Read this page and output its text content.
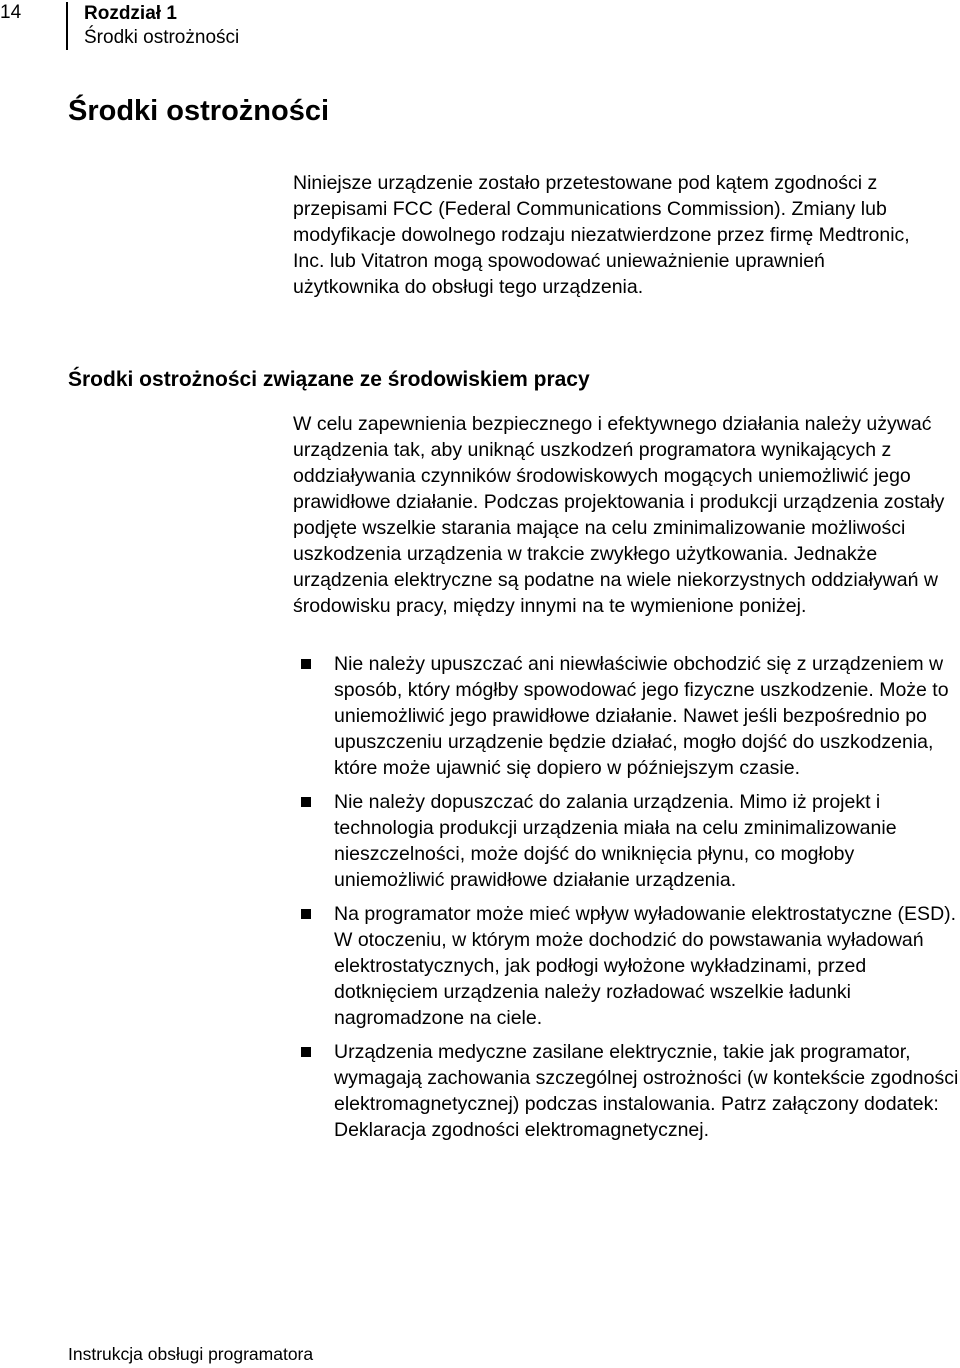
14	Rozdział 1
Środki ostrożności
Środki ostrożności

Niniejsze urządzenie zostało przetestowane pod kątem zgodności z przepisami FCC (Federal Communications Commission). Zmiany lub modyfikacje dowolnego rodzaju niezatwierdzone przez firmę Medtronic, Inc. lub Vitatron mogą spowodować unieważnienie uprawnień użytkownika do obsługi tego urządzenia.

Środki ostrożności związane ze środowiskiem pracy

W celu zapewnienia bezpiecznego i efektywnego działania należy używać urządzenia tak, aby uniknąć uszkodzeń programatora wynikających z oddziaływania czynników środowiskowych mogących uniemożliwić jego prawidłowe działanie. Podczas projektowania i produkcji urządzenia zostały podjęte wszelkie starania mające na celu zminimalizowanie możliwości uszkodzenia urządzenia w trakcie zwykłego użytkowania. Jednakże urządzenia elektryczne są podatne na wiele niekorzystnych oddziaływań w środowisku pracy, między innymi na te wymienione poniżej.

Nie należy upuszczać ani niewłaściwie obchodzić się z urządzeniem w sposób, który mógłby spowodować jego fizyczne uszkodzenie. Może to uniemożliwić jego prawidłowe działanie. Nawet jeśli bezpośrednio po upuszczeniu urządzenie będzie działać, mogło dojść do uszkodzenia, które może ujawnić się dopiero w późniejszym czasie.
Nie należy dopuszczać do zalania urządzenia. Mimo iż projekt i technologia produkcji urządzenia miała na celu zminimalizowanie nieszczelności, może dojść do wniknięcia płynu, co mogłoby uniemożliwić prawidłowe działanie urządzenia.
Na programator może mieć wpływ wyładowanie elektrostatyczne (ESD). W otoczeniu, w którym może dochodzić do powstawania wyładowań elektrostatycznych, jak podłogi wyłożone wykładzinami, przed dotknięciem urządzenia należy rozładować wszelkie ładunki nagromadzone na ciele.
Urządzenia medyczne zasilane elektrycznie, takie jak programator, wymagają zachowania szczególnej ostrożności (w kontekście zgodności elektromagnetycznej) podczas instalowania. Patrz załączony dodatek: Deklaracja zgodności elektromagnetycznej.
Instrukcja obsługi programatora
